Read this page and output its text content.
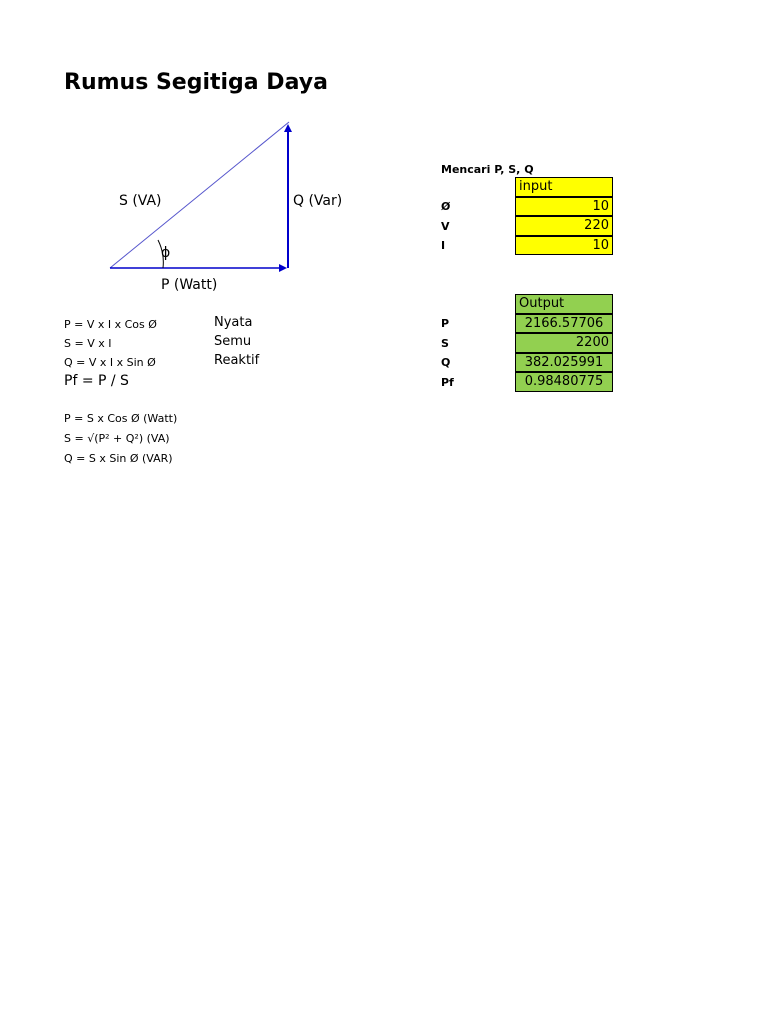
Rumus Segitiga Daya
S (VA)	Q (Var)
P (Watt)
ϕ
P = V x I x Cos Ø	Nyata
S = V x I	Semu
Q = V x I x Sin Ø	Reaktif
Pf = P / S
P = S x Cos Ø (Watt)
S = √(P² + Q²) (VA)
Q = S x Sin Ø (VAR)
Mencari P, S, Q
input
Ø	10
V	220
I	10
Output
P	2166.57706
S	2200
Q	382.025991
Pf	0.98480775
